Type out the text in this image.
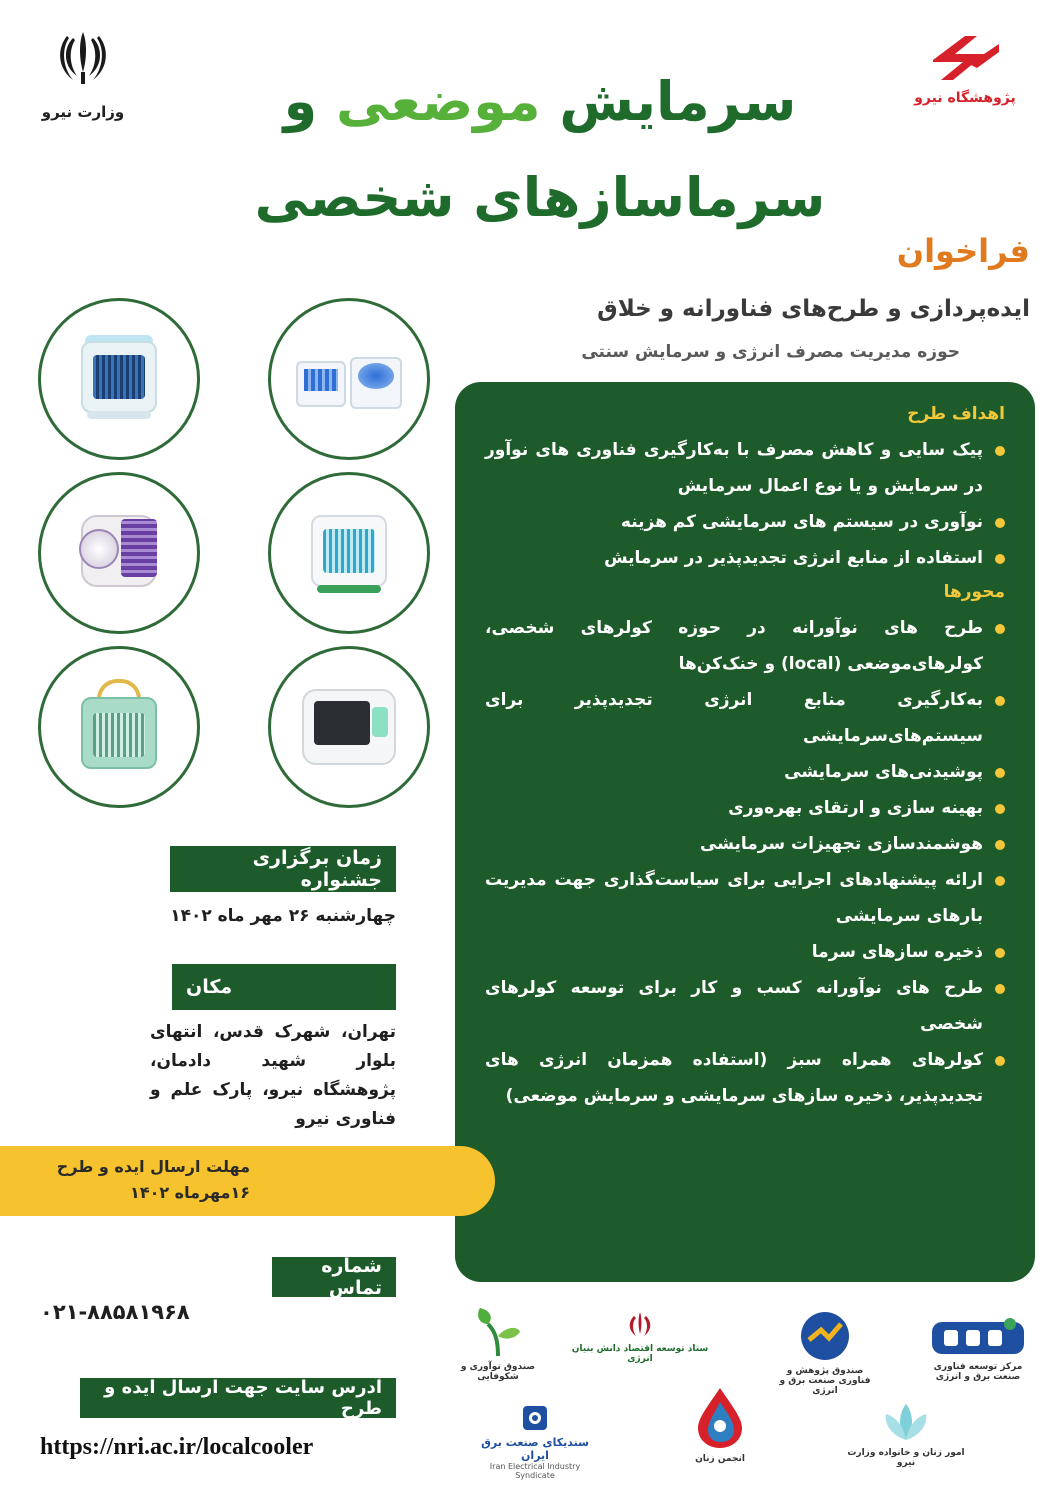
وزارت نیرو
پژوهشگاه نیرو
سرمایش موضعی و
سرماسازهای شخصی
فراخوان
ایده‌پردازی و طرح‌های فناورانه و خلاق
حوزه مدیریت مصرف انرژی و سرمایش سنتی
اهداف طرح
پیک سایی و کاهش مصرف با به‌کارگیری فناوری های نوآور در سرمایش و یا نوع اعمال سرمایش
نوآوری در سیستم های سرمایشی کم هزینه
استفاده از منابع انرژی تجدیدپذیر در سرمایش
محورها
طرح های نوآورانه در حوزه کولرهای شخصی، کولرهای‌موضعی (local) و خنک‌کن‌ها
به‌کارگیری منابع انرژی تجدیدپذیر برای سیستم‌های‌سرمایشی
پوشیدنی‌های سرمایشی
بهینه سازی و ارتقای بهره‌وری
هوشمندسازی تجهیزات سرمایشی
ارائه پیشنهادهای اجرایی برای سیاست‌گذاری جهت مدیریت بارهای سرمایشی
ذخیره سازهای سرما
طرح های نوآورانه کسب و کار برای توسعه کولرهای شخصی
کولرهای همراه سبز (استفاده همزمان انرژی های تجدیدپذیر، ذخیره سازهای سرمایشی و سرمایش موضعی)
زمان برگزاری جشنواره
چهارشنبه ۲۶ مهر ماه ۱۴۰۲
مکان
تهران، شهرک قدس، انتهای بلوار شهید دادمان، پژوهشگاه نیرو، پارک علم و فناوری نیرو
مهلت ارسال ایده و طرح
۱۶مهرماه ۱۴۰۲
شماره تماس
۰۲۱-۸۸۵۸۱۹۶۸
آدرس سایت جهت ارسال ایده و طرح
https://nri.ac.ir/localcooler
مرکز توسعه فناوری صنعت برق و انرژی
صندوق پژوهش و فناوری صنعت برق و انرژی
ستاد توسعه اقتصاد دانش بنیان انرژی
صندوق نوآوری و شکوفایی
امور زنان و خانواده وزارت نیرو
انجمن زنان
سندیکای صنعت برق ایران
Iran Electrical Industry Syndicate
